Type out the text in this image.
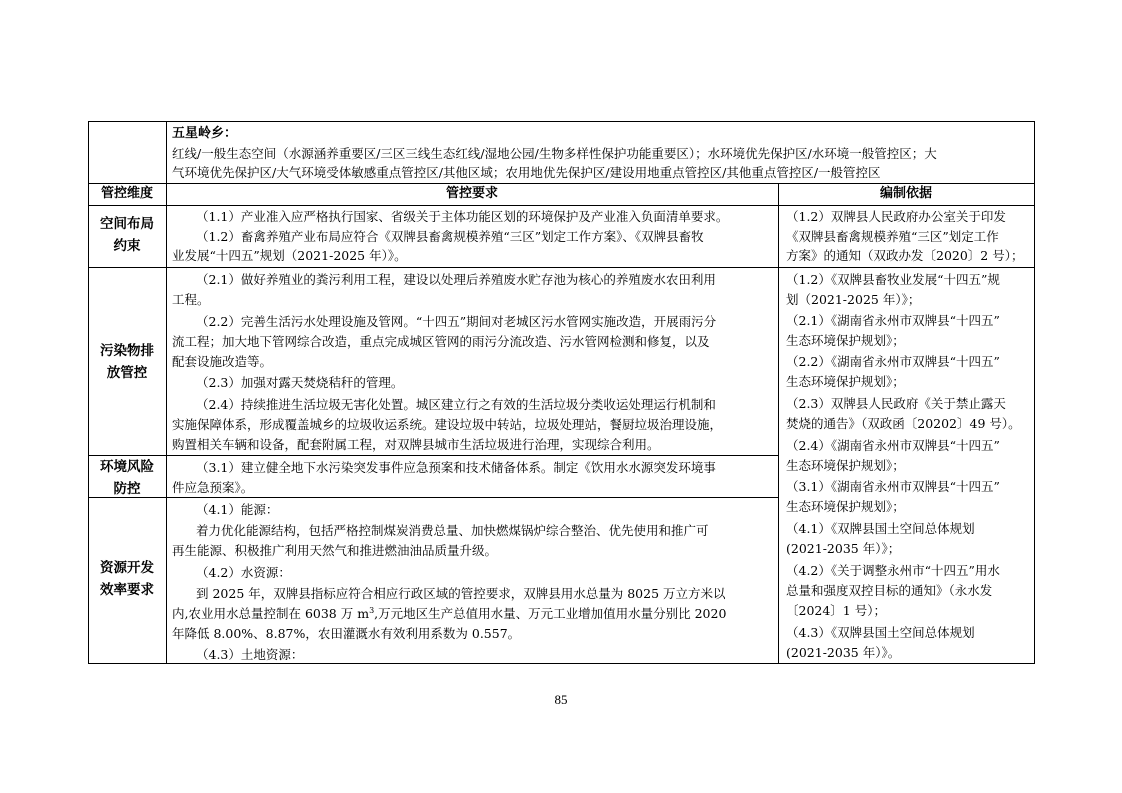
五星岭乡：
红线/一般生态空间（水源涵养重要区/三区三线生态红线/湿地公园/生物多样性保护功能重要区）；水环境优先保护区/水环境一般管控区；大
气环境优先保护区/大气环境受体敏感重点管控区/其他区域；农用地优先保护区/建设用地重点管控区/其他重点管控区/一般管控区
管控维度	管控要求	编制依据
空间布局
约束
污染物排
放管控
环境风险
防控
资源开发
效率要求
（1.1）产业准入应严格执行国家、省级关于主体功能区划的环境保护及产业准入负面清单要求。
（1.2）畜禽养殖产业布局应符合《双牌县畜禽规模养殖“三区”划定工作方案》、《双牌县畜牧
业发展“十四五”规划（2021-2025 年）》。
（2.1）做好养殖业的粪污利用工程，建设以处理后养殖废水贮存池为核心的养殖废水农田利用
工程。
（2.2）完善生活污水处理设施及管网。“十四五”期间对老城区污水管网实施改造，开展雨污分
流工程；加大地下管网综合改造，重点完成城区管网的雨污分流改造、污水管网检测和修复，以及
配套设施改造等。
（2.3）加强对露天焚烧秸秆的管理。
（2.4）持续推进生活垃圾无害化处置。城区建立行之有效的生活垃圾分类收运处理运行机制和
实施保障体系，形成覆盖城乡的垃圾收运系统。建设垃圾中转站，垃圾处理站，餐厨垃圾治理设施，
购置相关车辆和设备，配套附属工程，对双牌县城市生活垃圾进行治理，实现综合利用。
（3.1）建立健全地下水污染突发事件应急预案和技术储备体系。制定《饮用水水源突发环境事
件应急预案》。
（4.1）能源：
着力优化能源结构，包括严格控制煤炭消费总量、加快燃煤锅炉综合整治、优先使用和推广可
再生能源、积极推广利用天然气和推进燃油油品质量升级。
（4.2）水资源：
到 2025 年，双牌县指标应符合相应行政区域的管控要求，双牌县用水总量为 8025 万立方米以
内,农业用水总量控制在 6038 万 $m^3$,万元地区生产总值用水量、万元工业增加值用水量分别比 2020
年降低 8.00%、8.87%，农田灌溉水有效利用系数为 0.557。
（4.3）土地资源：
（1.2）双牌县人民政府办公室关于印发
《双牌县畜禽规模养殖“三区”划定工作
方案》的通知（双政办发〔2020〕2 号）；
（1.2）《双牌县畜牧业发展“十四五”规
划（2021-2025 年）》；
（2.1）《湖南省永州市双牌县“十四五”
生态环境保护规划》；
（2.2）《湖南省永州市双牌县“十四五”
生态环境保护规划》；
（2.3）双牌县人民政府《关于禁止露天
焚烧的通告》（双政函〔20202〕49 号）。
（2.4）《湖南省永州市双牌县“十四五”
生态环境保护规划》；
（3.1）《湖南省永州市双牌县“十四五”
生态环境保护规划》；
（4.1）《双牌县国土空间总体规划
(2021-2035 年）》；
（4.2）《关于调整永州市“十四五”用水
总量和强度双控目标的通知》（永水发
〔2024〕1 号）；
（4.3）《双牌县国土空间总体规划
(2021-2035 年）》。
85
